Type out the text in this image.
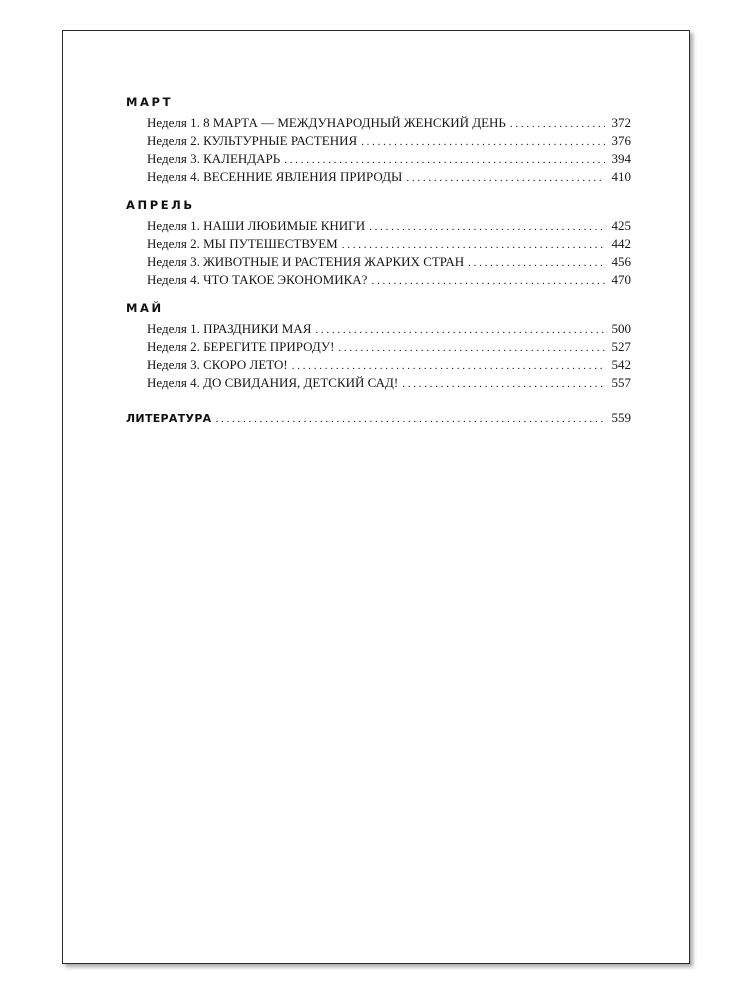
МАРТ
Неделя 1. 8 МАРТА — МЕЖДУНАРОДНЫЙ ЖЕНСКИЙ ДЕНЬ . . .	372
Неделя 2. КУЛЬТУРНЫЕ РАСТЕНИЯ . . .	376
Неделя 3. КАЛЕНДАРЬ . . .	394
Неделя 4. ВЕСЕННИЕ ЯВЛЕНИЯ ПРИРОДЫ . . .	410
АПРЕЛЬ
Неделя 1. НАШИ ЛЮБИМЫЕ КНИГИ . . .	425
Неделя 2. МЫ ПУТЕШЕСТВУЕМ . . .	442
Неделя 3. ЖИВОТНЫЕ И РАСТЕНИЯ ЖАРКИХ СТРАН . . .	456
Неделя 4. ЧТО ТАКОЕ ЭКОНОМИКА? . . .	470
МАЙ
Неделя 1. ПРАЗДНИКИ МАЯ . . .	500
Неделя 2. БЕРЕГИТЕ ПРИРОДУ! . . .	527
Неделя 3. СКОРО ЛЕТО! . . .	542
Неделя 4. ДО СВИДАНИЯ, ДЕТСКИЙ САД! . . .	557
ЛИТЕРАТУРА . . .	559
